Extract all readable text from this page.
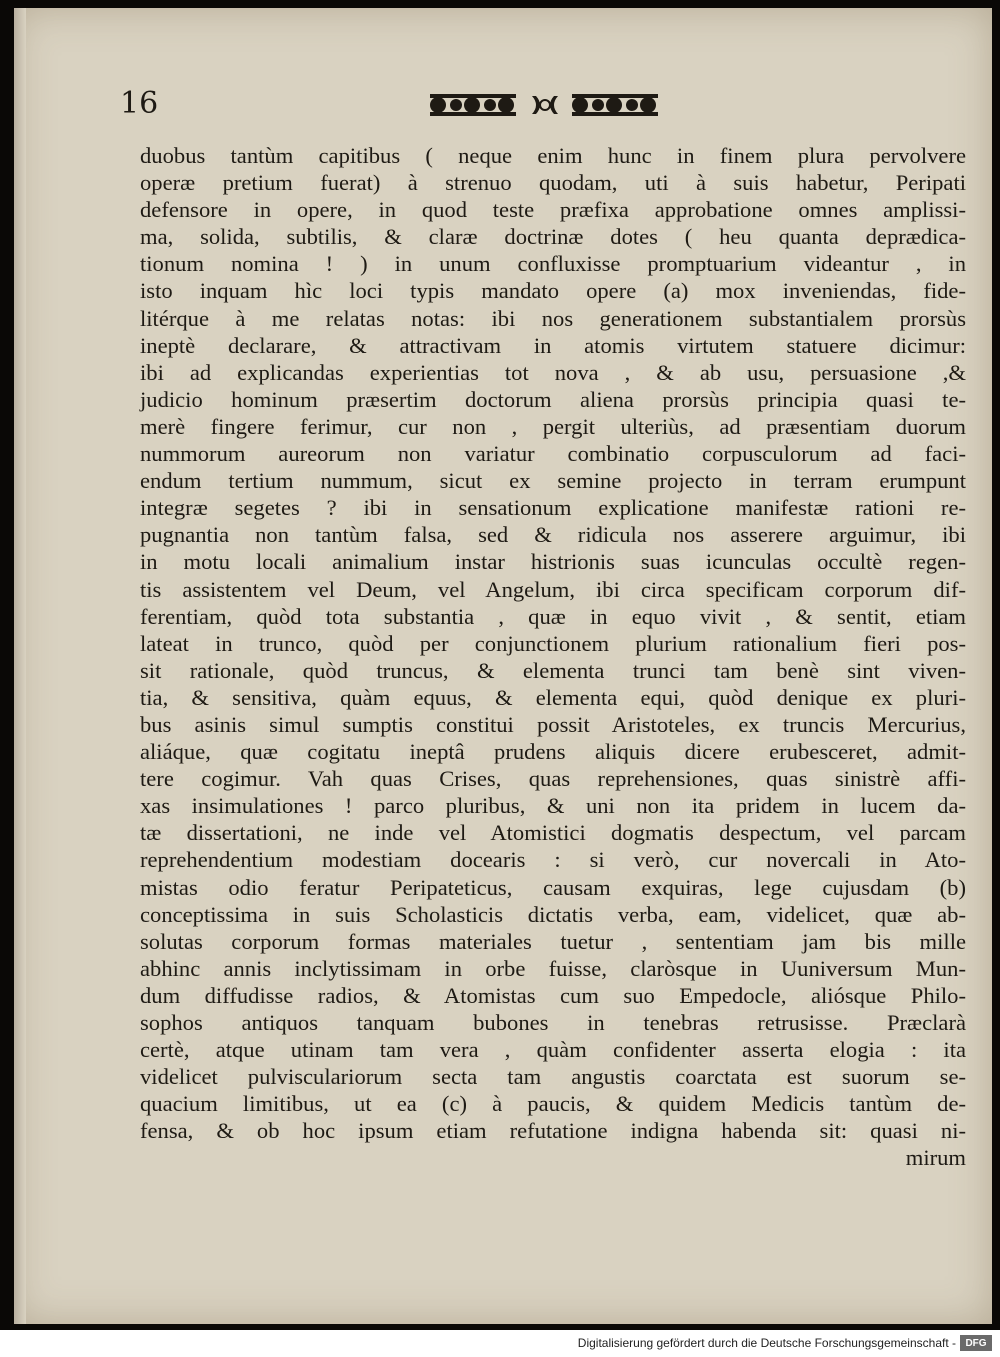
16
duobus tantùm capitibus ( neque enim hunc in finem plura pervolvere
operæ pretium fuerat) à strenuo quodam, uti à suis habetur, Peripati
defensore in opere, in quod teste præfixa approbatione omnes amplissi-
ma, solida, subtilis, & claræ doctrinæ dotes ( heu quanta deprædica-
tionum nomina ! ) in unum confluxisse promptuarium videantur , in
isto inquam hìc loci typis mandato opere (a) mox inveniendas, fide-
litérque à me relatas notas: ibi nos generationem substantialem prorsùs
ineptè declarare, & attractivam in atomis virtutem statuere dicimur:
ibi ad explicandas experientias tot nova , & ab usu, persuasione ,&
judicio hominum præsertim doctorum aliena prorsùs principia quasi te-
merè fingere ferimur, cur non , pergit ulteriùs, ad præsentiam duorum
nummorum aureorum non variatur combinatio corpusculorum ad faci-
endum tertium nummum, sicut ex semine projecto in terram erumpunt
integræ segetes ? ibi in sensationum explicatione manifestæ rationi re-
pugnantia non tantùm falsa, sed & ridicula nos asserere arguimur, ibi
in motu locali animalium instar histrionis suas icunculas occultè regen-
tis assistentem vel Deum, vel Angelum, ibi circa specificam corporum dif-
ferentiam, quòd tota substantia , quæ in equo vivit , & sentit, etiam
lateat in trunco, quòd per conjunctionem plurium rationalium fieri pos-
sit rationale, quòd truncus, & elementa trunci tam benè sint viven-
tia, & sensitiva, quàm equus, & elementa equi, quòd denique ex pluri-
bus asinis simul sumptis constitui possit Aristoteles, ex truncis Mercurius,
aliáque, quæ cogitatu ineptâ prudens aliquis dicere erubesceret, admit-
tere cogimur. Vah quas Crises, quas reprehensiones, quas sinistrè affi-
xas insimulationes ! parco pluribus, & uni non ita pridem in lucem da-
tæ dissertationi, ne inde vel Atomistici dogmatis despectum, vel parcam
reprehendentium modestiam docearis : si verò, cur novercali in Ato-
mistas odio feratur Peripateticus, causam exquiras, lege cujusdam (b)
conceptissima in suis Scholasticis dictatis verba, eam, videlicet, quæ ab-
solutas corporum formas materiales tuetur , sententiam jam bis mille
abhinc annis inclytissimam in orbe fuisse, claròsque in Uuniversum Mun-
dum diffudisse radios, & Atomistas cum suo Empedocle, aliósque Philo-
sophos antiquos tanquam bubones in tenebras retrusisse. Præclarà
certè, atque utinam tam vera , quàm confidenter asserta elogia : ita
videlicet pulvisculariorum secta tam angustis coarctata est suorum se-
quacium limitibus, ut ea (c) à paucis, & quidem Medicis tantùm de-
fensa, & ob hoc ipsum etiam refutatione indigna habenda sit: quasi ni-
mirum
Digitalisierung gefördert durch die Deutsche Forschungsgemeinschaft - DFG
